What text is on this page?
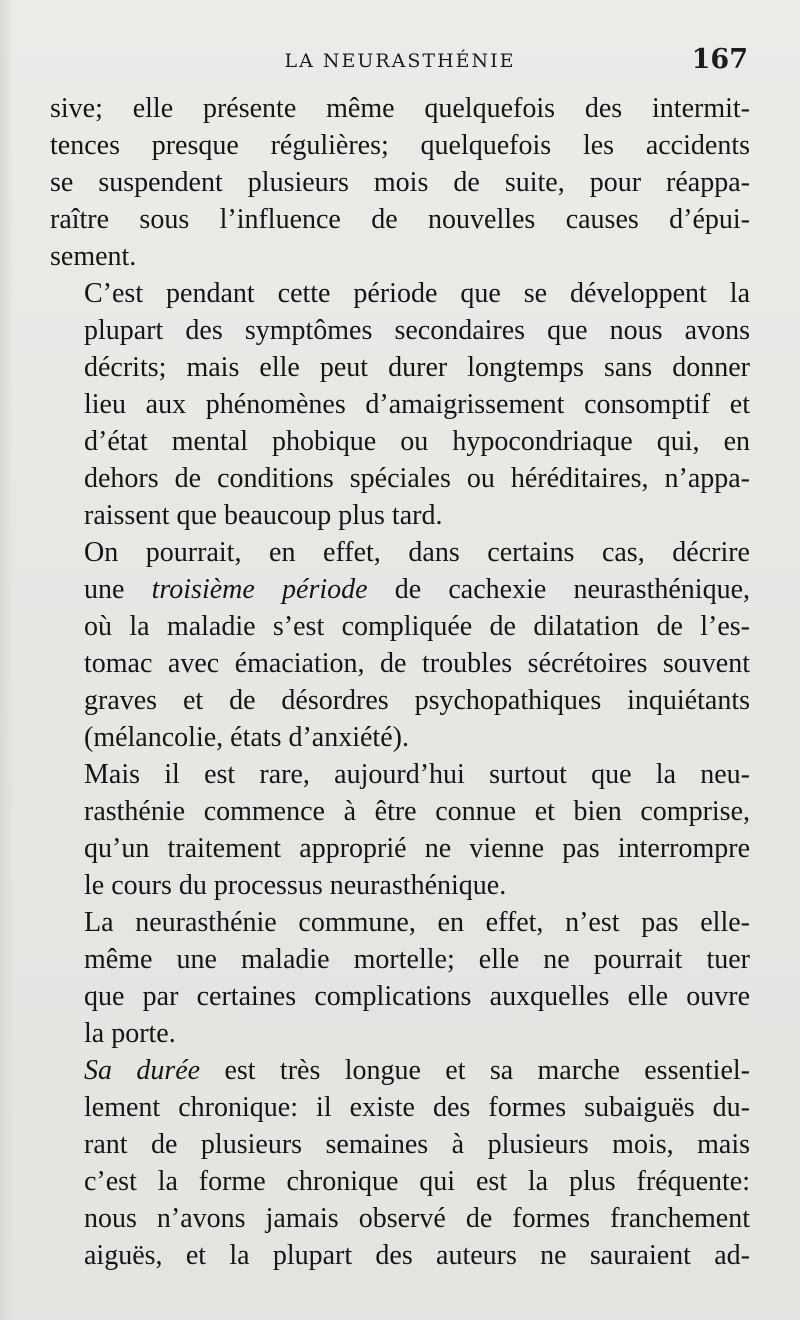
LA NEURASTHÉNIE	167

sive; elle présente même quelquefois des intermit-
tences presque régulières; quelquefois les accidents
se suspendent plusieurs mois de suite, pour réappa-
raître sous l’influence de nouvelles causes d’épui-
sement.

C’est pendant cette période que se développent la
plupart des symptômes secondaires que nous avons
décrits; mais elle peut durer longtemps sans donner
lieu aux phénomènes d’amaigrissement consomptif et
d’état mental phobique ou hypocondriaque qui, en
dehors de conditions spéciales ou héréditaires, n’appa-
raissent que beaucoup plus tard.

On pourrait, en effet, dans certains cas, décrire
une troisième période de cachexie neurasthénique,
où la maladie s’est compliquée de dilatation de l’es-
tomac avec émaciation, de troubles sécrétoires souvent
graves et de désordres psychopathiques inquiétants
(mélancolie, états d’anxiété).

Mais il est rare, aujourd’hui surtout que la neu-
rasthénie commence à être connue et bien comprise,
qu’un traitement approprié ne vienne pas interrompre
le cours du processus neurasthénique.

La neurasthénie commune, en effet, n’est pas elle-
même une maladie mortelle; elle ne pourrait tuer
que par certaines complications auxquelles elle ouvre
la porte.

Sa durée est très longue et sa marche essentiel-
lement chronique: il existe des formes subaiguës du-
rant de plusieurs semaines à plusieurs mois, mais
c’est la forme chronique qui est la plus fréquente:
nous n’avons jamais observé de formes franchement
aiguës, et la plupart des auteurs ne sauraient ad-
